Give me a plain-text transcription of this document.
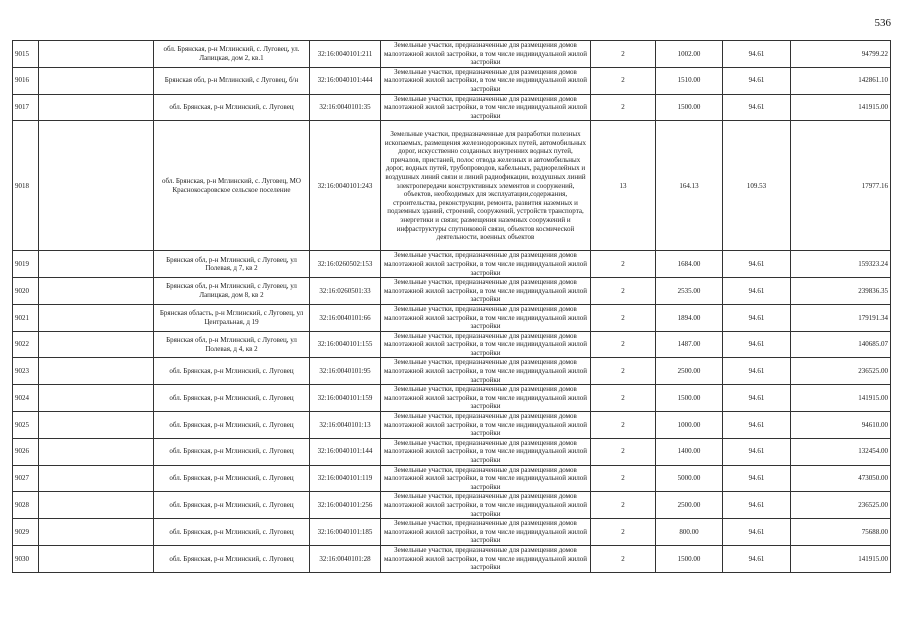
536
9015		обл. Брянская, р-н Мглинский, с. Луговец, ул. Лапицкая, дом 2, кв.1	32:16:0040101:211	Земельные участки, предназначенные для размещения домов малоэтажной жилой застройки, в том числе индивидуальной жилой застройки	2	1002.00	94.61	94799.22
9016		Брянская обл, р-н Мглинский, с Луговец, б/н	32:16:0040101:444	Земельные участки, предназначенные для размещения домов малоэтажной жилой застройки, в том числе индивидуальной жилой застройки	2	1510.00	94.61	142861.10
9017		обл. Брянская, р-н Мглинский, с. Луговец	32:16:0040101:35	Земельные участки, предназначенные для размещения домов малоэтажной жилой застройки, в том числе индивидуальной жилой застройки	2	1500.00	94.61	141915.00
9018		обл. Брянская, р-н Мглинский, с. Луговец, МО Краснокосаровское сельское поселение	32:16:0040101:243	Земельные участки, предназначенные для разработки полезных ископаемых, размещения железнодорожных путей, автомобильных дорог, искусственно созданных внутренних водных путей, причалов, пристаней, полос отвода железных и автомобильных дорог, водных путей, трубопроводов, кабельных, радиорелейных и воздушных линий связи и линий радиофикации, воздушных линий электропередачи конструктивных элементов и сооружений, объектов, необходимых для эксплуатации,содержания, строительства, реконструкции, ремонта, развития наземных и подземных зданий, строений, сооружений, устройств транспорта, энергетики и связи; размещения наземных сооружений и инфраструктуры спутниковой связи, объектов космической деятельности, военных объектов	13	164.13	109.53	17977.16
9019		Брянская обл, р-н Мглинский, с Луговец, ул Полевая, д 7, кв 2	32:16:0260502:153	Земельные участки, предназначенные для размещения домов малоэтажной жилой застройки, в том числе индивидуальной жилой застройки	2	1684.00	94.61	159323.24
9020		Брянская обл, р-н Мглинский, с Луговец, ул Лапицкая, дом 8, кв 2	32:16:0260501:33	Земельные участки, предназначенные для размещения домов малоэтажной жилой застройки, в том числе индивидуальной жилой застройки	2	2535.00	94.61	239836.35
9021		Брянская область, р-н Мглинский, с Луговец, ул Центральная, д 19	32:16:0040101:66	Земельные участки, предназначенные для размещения домов малоэтажной жилой застройки, в том числе индивидуальной жилой застройки	2	1894.00	94.61	179191.34
9022		Брянская обл, р-н Мглинский, с Луговец, ул Полевая, д 4, кв 2	32:16:0040101:155	Земельные участки, предназначенные для размещения домов малоэтажной жилой застройки, в том числе индивидуальной жилой застройки	2	1487.00	94.61	140685.07
9023		обл. Брянская, р-н Мглинский, с. Луговец	32:16:0040101:95	Земельные участки, предназначенные для размещения домов малоэтажной жилой застройки, в том числе индивидуальной жилой застройки	2	2500.00	94.61	236525.00
9024		обл. Брянская, р-н Мглинский, с. Луговец	32:16:0040101:159	Земельные участки, предназначенные для размещения домов малоэтажной жилой застройки, в том числе индивидуальной жилой застройки	2	1500.00	94.61	141915.00
9025		обл. Брянская, р-н Мглинский, с. Луговец	32:16:0040101:13	Земельные участки, предназначенные для размещения домов малоэтажной жилой застройки, в том числе индивидуальной жилой застройки	2	1000.00	94.61	94610.00
9026		обл. Брянская, р-н Мглинский, с. Луговец	32:16:0040101:144	Земельные участки, предназначенные для размещения домов малоэтажной жилой застройки, в том числе индивидуальной жилой застройки	2	1400.00	94.61	132454.00
9027		обл. Брянская, р-н Мглинский, с. Луговец	32:16:0040101:119	Земельные участки, предназначенные для размещения домов малоэтажной жилой застройки, в том числе индивидуальной жилой застройки	2	5000.00	94.61	473050.00
9028		обл. Брянская, р-н Мглинский, с. Луговец	32:16:0040101:256	Земельные участки, предназначенные для размещения домов малоэтажной жилой застройки, в том числе индивидуальной жилой застройки	2	2500.00	94.61	236525.00
9029		обл. Брянская, р-н Мглинский, с. Луговец	32:16:0040101:185	Земельные участки, предназначенные для размещения домов малоэтажной жилой застройки, в том числе индивидуальной жилой застройки	2	800.00	94.61	75688.00
9030		обл. Брянская, р-н Мглинский, с. Луговец	32:16:0040101:28	Земельные участки, предназначенные для размещения домов малоэтажной жилой застройки, в том числе индивидуальной жилой застройки	2	1500.00	94.61	141915.00
